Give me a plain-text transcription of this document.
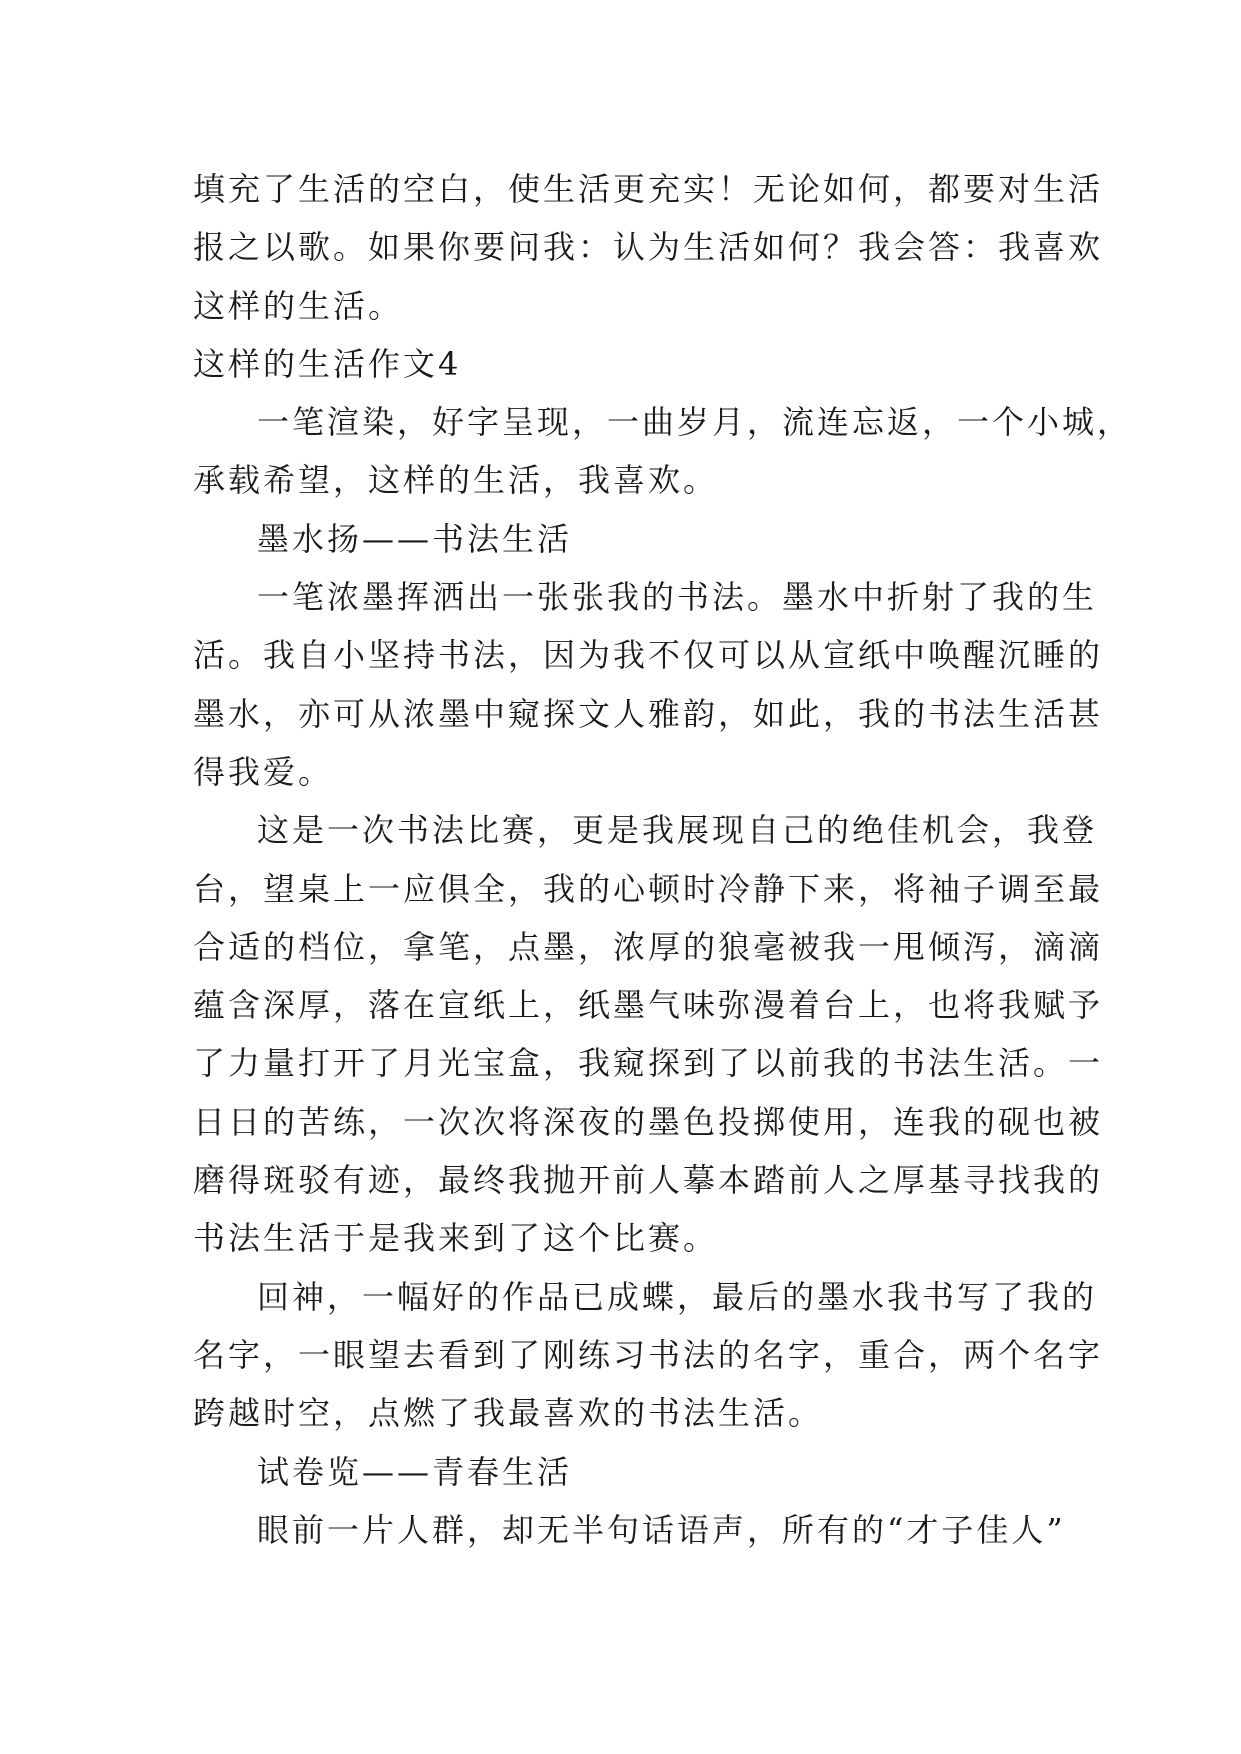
填充了生活的空白，使生活更充实！无论如何，都要对生活
报之以歌。如果你要问我：认为生活如何？我会答：我喜欢
这样的生活。
这样的生活作文4
一笔渲染，好字呈现，一曲岁月，流连忘返，一个小城，
承载希望，这样的生活，我喜欢。
墨水扬——书法生活
一笔浓墨挥洒出一张张我的书法。墨水中折射了我的生
活。我自小坚持书法，因为我不仅可以从宣纸中唤醒沉睡的
墨水，亦可从浓墨中窥探文人雅韵，如此，我的书法生活甚
得我爱。
这是一次书法比赛，更是我展现自己的绝佳机会，我登
台，望桌上一应俱全，我的心顿时冷静下来，将袖子调至最
合适的档位，拿笔，点墨，浓厚的狼毫被我一甩倾泻，滴滴
蕴含深厚，落在宣纸上，纸墨气味弥漫着台上，也将我赋予
了力量打开了月光宝盒，我窥探到了以前我的书法生活。一
日日的苦练，一次次将深夜的墨色投掷使用，连我的砚也被
磨得斑驳有迹，最终我抛开前人摹本踏前人之厚基寻找我的
书法生活于是我来到了这个比赛。
回神，一幅好的作品已成蝶，最后的墨水我书写了我的
名字，一眼望去看到了刚练习书法的名字，重合，两个名字
跨越时空，点燃了我最喜欢的书法生活。
试卷览——青春生活
眼前一片人群，却无半句话语声，所有的“才子佳人”
